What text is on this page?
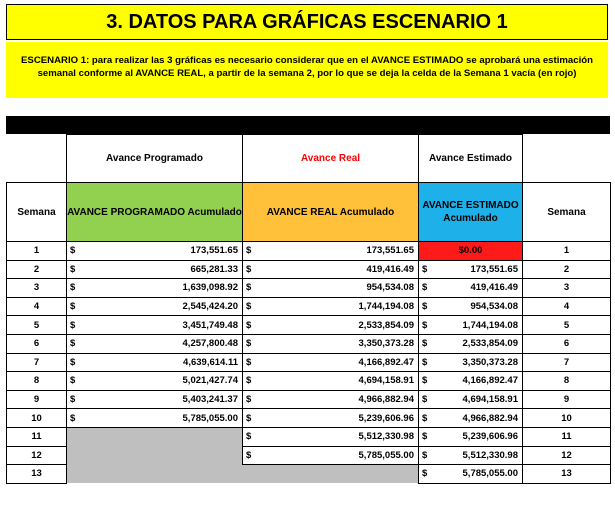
3. DATOS PARA GRÁFICAS ESCENARIO 1
ESCENARIO 1: para realizar las 3 gráficas es necesario considerar que en el AVANCE ESTIMADO se aprobará una estimación semanal conforme al AVANCE REAL, a partir de la semana 2, por lo que se deja la celda de la Semana 1 vacía (en rojo)
	Avance Programado	Avance Real	Avance Estimado	
Semana	AVANCE PROGRAMADO Acumulado	AVANCE REAL Acumulado	AVANCE ESTIMADO Acumulado	Semana
1	$ 173,551.65	$ 173,551.65	$0.00	1
2	$ 665,281.33	$ 419,416.49	$ 173,551.65	2
3	$ 1,639,098.92	$ 954,534.08	$ 419,416.49	3
4	$ 2,545,424.20	$ 1,744,194.08	$ 954,534.08	4
5	$ 3,451,749.48	$ 2,533,854.09	$ 1,744,194.08	5
6	$ 4,257,800.48	$ 3,350,373.28	$ 2,533,854.09	6
7	$ 4,639,614.11	$ 4,166,892.47	$ 3,350,373.28	7
8	$ 5,021,427.74	$ 4,694,158.91	$ 4,166,892.47	8
9	$ 5,403,241.37	$ 4,966,882.94	$ 4,694,158.91	9
10	$ 5,785,055.00	$ 5,239,606.96	$ 4,966,882.94	10
11		$ 5,512,330.98	$ 5,239,606.96	11
12		$ 5,785,055.00	$ 5,512,330.98	12
13			$ 5,785,055.00	13
